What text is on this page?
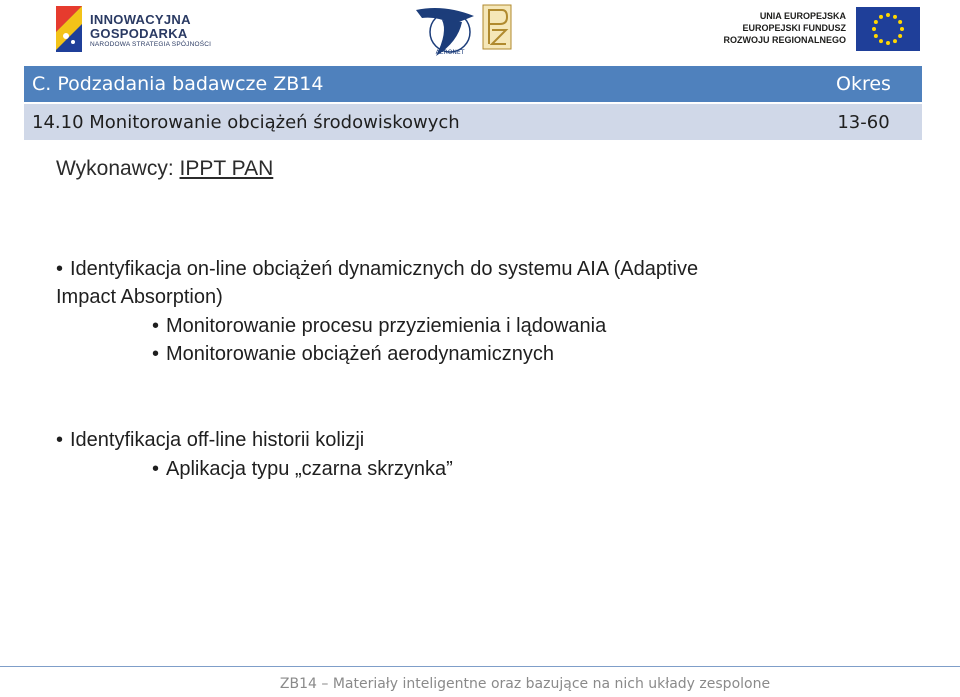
INNOWACYJNA
GOSPODARKA
NARODOWA STRATEGIA SPÓJNOŚCI
AERONET
UNIA EUROPEJSKA
EUROPEJSKI FUNDUSZ
ROZWOJU REGIONALNEGO
C. Podzadania badawcze ZB14	Okres
14.10 Monitorowanie obciążeń środowiskowych	13-60
Wykonawcy: IPPT PAN
• Identyfikacja on-line obciążeń dynamicznych do systemu AIA (Adaptive
Impact Absorption)
• Monitorowanie procesu przyziemienia i lądowania
• Monitorowanie obciążeń aerodynamicznych
• Identyfikacja off-line historii kolizji
• Aplikacja typu „czarna skrzynka”
ZB14 – Materiały inteligentne oraz bazujące na nich układy zespolone
